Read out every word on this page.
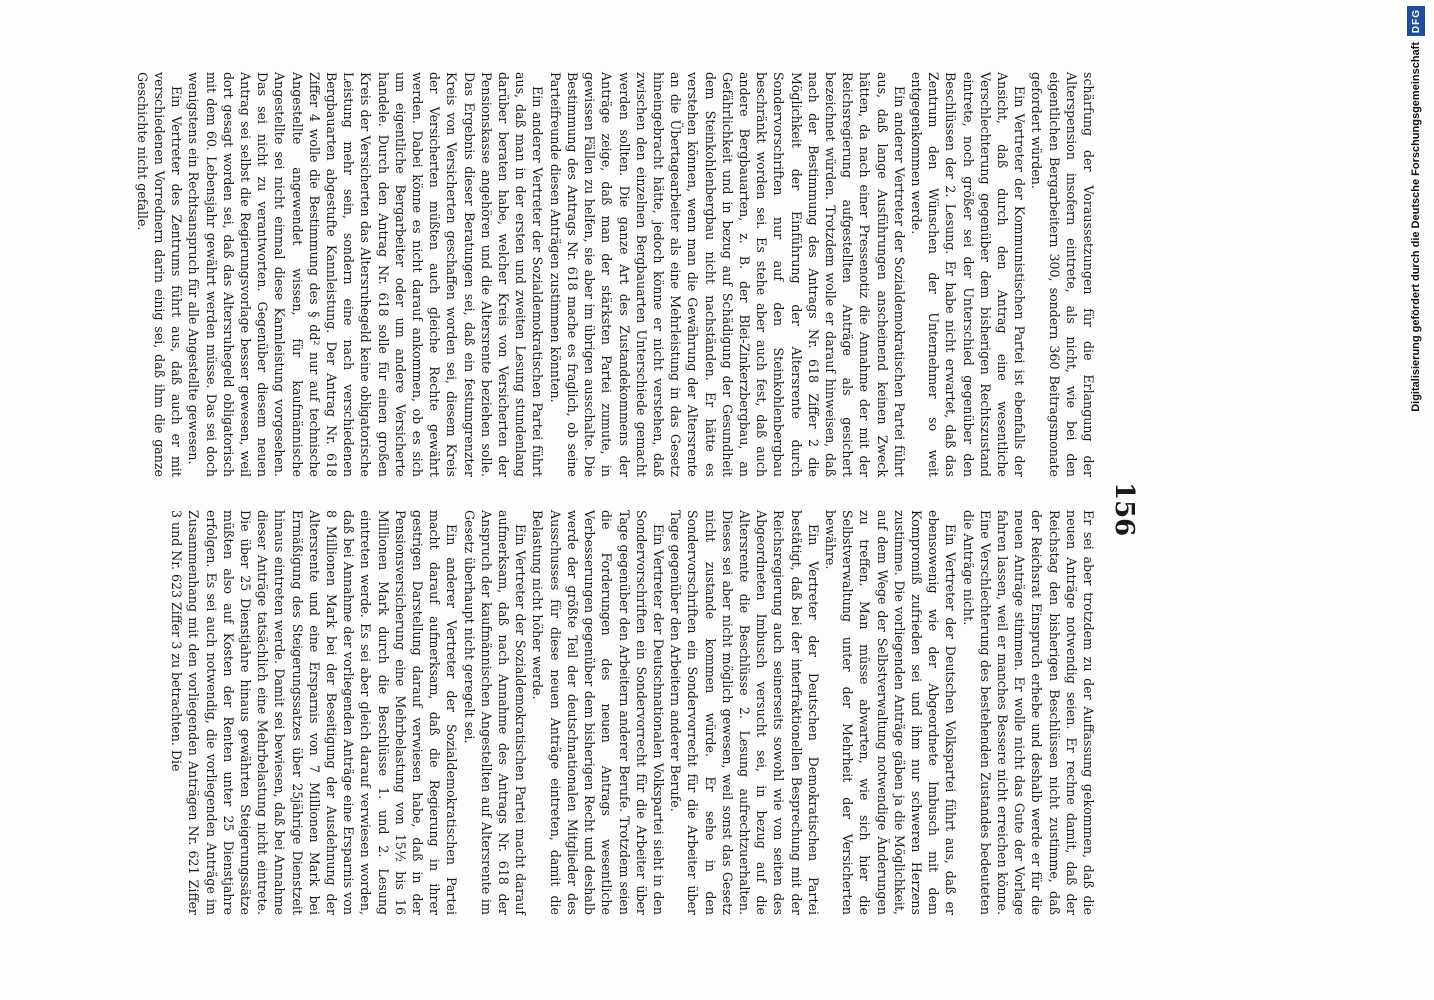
156

schärfung der Voraussetzungen für die Erlangung der Alterspension insofern eintrete, als nicht, wie bei den eigentlichen Bergarbeitern 300, sondern 360 Beitragsmonate gefordert würden.

Ein Vertreter der Kommunistischen Partei ist ebenfalls der Ansicht, daß durch den Antrag eine wesentliche Verschlechterung gegenüber dem bisherigen Rechtszustand eintrete, noch größer sei der Unterschied gegenüber den Beschlüssen der 2. Lesung. Er habe nicht erwartet, daß das Zentrum den Wünschen der Unternehmer so weit entgegenkommen werde.

Ein anderer Vertreter der Sozialdemokratischen Partei führt aus, daß lange Ausführungen anscheinend keinen Zweck hätten, da nach einer Pressenotiz die Annahme der mit der Reichsregierung aufgestellten Anträge als gesichert bezeichnet würden. Trotzdem wolle er darauf hinweisen, daß nach der Bestimmung des Antrags Nr. 618 Ziffer 2 die Möglichkeit der Einführung der Altersrente durch Sondervorschriften nur auf den Steinkohlenbergbau beschränkt worden sei. Es stehe aber auch fest, daß auch andere Bergbauarten, z. B. der Blei-Zinkerzbergbau, an Gefährlichkeit und in bezug auf Schädigung der Gesundheit dem Steinkohlenbergbau nicht nachständen. Er hätte es verstehen können, wenn man die Gewährung der Altersrente an die Übertagearbeiter als eine Mehrleistung in das Gesetz hineingebracht hätte, jedoch könne er nicht verstehen, daß zwischen den einzelnen Bergbauarten Unterschiede gemacht werden sollten. Die ganze Art des Zustandekommens der Anträge zeige, daß man der stärksten Partei zumute, in gewissen Fällen zu helfen, sie aber im übrigen ausschalte. Die Bestimmung des Antrags Nr. 618 mache es fraglich, ob seine Parteifreunde diesen Anträgen zustimmen könnten.

Ein anderer Vertreter der Sozialdemokratischen Partei führt aus, daß man in der ersten und zweiten Lesung stundenlang darüber beraten habe, welcher Kreis von Versicherten der Pensionskasse angehören und die Altersrente beziehen solle. Das Ergebnis dieser Beratungen sei, daß ein festumgrenzter Kreis von Versicherten geschaffen worden sei, diesem Kreis der Versicherten müßten auch gleiche Rechte gewährt werden. Dabei könne es nicht darauf ankommen, ob es sich um eigentliche Bergarbeiter oder um andere Versicherte handele. Durch den Antrag Nr. 618 solle für einen großen Kreis der Versicherten das Altersruhegeld keine obligatorische Leistung mehr sein, sondern eine nach verschiedenen Bergbauarten abgestufte Kannleistung. Der Antrag Nr. 618 Ziffer 4 wolle die Bestimmung des § dd² nur auf technische Angestellte angewendet wissen, für kaufmännische Angestellte sei nicht einmal diese Kannleistung vorgesehen. Das sei nicht zu verantworten. Gegenüber diesem neuen Antrag sei selbst die Regierungsvorlage besser gewesen, weil dort gesagt worden sei, daß das Altersruhegeld obligatorisch mit dem 60. Lebensjahr gewährt werden müsse. Das sei doch wenigstens ein Rechtsanspruch für alle Angestellte gewesen.

Ein Vertreter des Zentrums führt aus, daß auch er mit verschiedenen Vorrednern darin einig sei, daß ihm die ganze Geschichte nicht gefalle.

Er sei aber trotzdem zu der Auffassung gekommen, daß die neuen Anträge notwendig seien. Er rechne damit, daß der Reichstag den bisherigen Beschlüssen nicht zustimme, daß der Reichsrat Einspruch erhebe und deshalb werde er für die neuen Anträge stimmen. Er wolle nicht das Gute der Vorlage fahren lassen, weil er manches Bessere nicht erreichen könne. Eine Verschlechterung des bestehenden Zustandes bedeuteten die Anträge nicht.

Ein Vertreter der Deutschen Volkspartei führt aus, daß er ebensowenig wie der Abgeordnete Imbusch mit dem Kompromiß zufrieden sei und ihm nur schweren Herzens zustimme. Die vorliegenden Anträge gäben ja die Möglichkeit, auf dem Wege der Selbstverwaltung notwendige Änderungen zu treffen. Man müsse abwarten, wie sich hier die Selbstverwaltung unter der Mehrheit der Versicherten bewähre.

Ein Vertreter der Deutschen Demokratischen Partei bestätigt, daß bei der interfraktionellen Besprechung mit der Reichsregierung auch seinerseits sowohl wie von seiten des Abgeordneten Imbusch versucht sei, in bezug auf die Altersrente die Beschlüsse 2. Lesung aufrechtzuerhalten. Dieses sei aber nicht möglich gewesen, weil sonst das Gesetz nicht zustande kommen würde. Er sehe in den Sondervorschriften ein Sondervorrecht für die Arbeiter über Tage gegenüber den Arbeitern anderer Berufe.

Ein Vertreter der Deutschnationalen Volkspartei sieht in den Sondervorschriften ein Sondervorrecht für die Arbeiter über Tage gegenüber den Arbeitern anderer Berufe. Trotzdem seien die Forderungen des neuen Antrags wesentliche Verbesserungen gegenüber dem bisherigen Recht und deshalb werde der größte Teil der deutschnationalen Mitglieder des Ausschusses für diese neuen Anträge eintreten, damit die Belastung nicht höher werde.

Ein Vertreter der Sozialdemokratischen Partei macht darauf aufmerksam, daß nach Annahme des Antrags Nr. 618 der Anspruch der kaufmännischen Angestellten auf Altersrente im Gesetz überhaupt nicht geregelt sei.

Ein anderer Vertreter der Sozialdemokratischen Partei macht darauf aufmerksam, daß die Regierung in ihrer gestrigen Darstellung darauf verwiesen habe, daß in der Pensionsversicherung eine Mehrbelastung von 15½ bis 16 Millionen Mark durch die Beschlüsse 1. und 2. Lesung eintreten werde. Es sei aber gleich darauf verwiesen worden, daß bei Annahme der vorliegenden Anträge eine Ersparnis von 8 Millionen Mark bei der Beseitigung der Ausdehnung der Altersrente und eine Ersparnis von 7 Millionen Mark bei Ermäßigung des Steigerungssatzes über 25jährige Dienstzeit hinaus eintreten werde. Damit sei bewiesen, daß bei Annahme dieser Anträge tatsächlich eine Mehrbelastung nicht eintrete. Die über 25 Dienstjahre hinaus gewährten Steigerungssätze müßten also auf Kosten der Renten unter 25 Dienstjahre erfolgen. Es sei auch notwendig, die vorliegenden Anträge im Zusammenhang mit den vorliegenden Anträgen Nr. 621 Ziffer 3 und Nr. 623 Ziffer 3 zu betrachten. Die

Digitalisierung gefördert durch die Deutsche Forschungsgemeinschaft
DFG
